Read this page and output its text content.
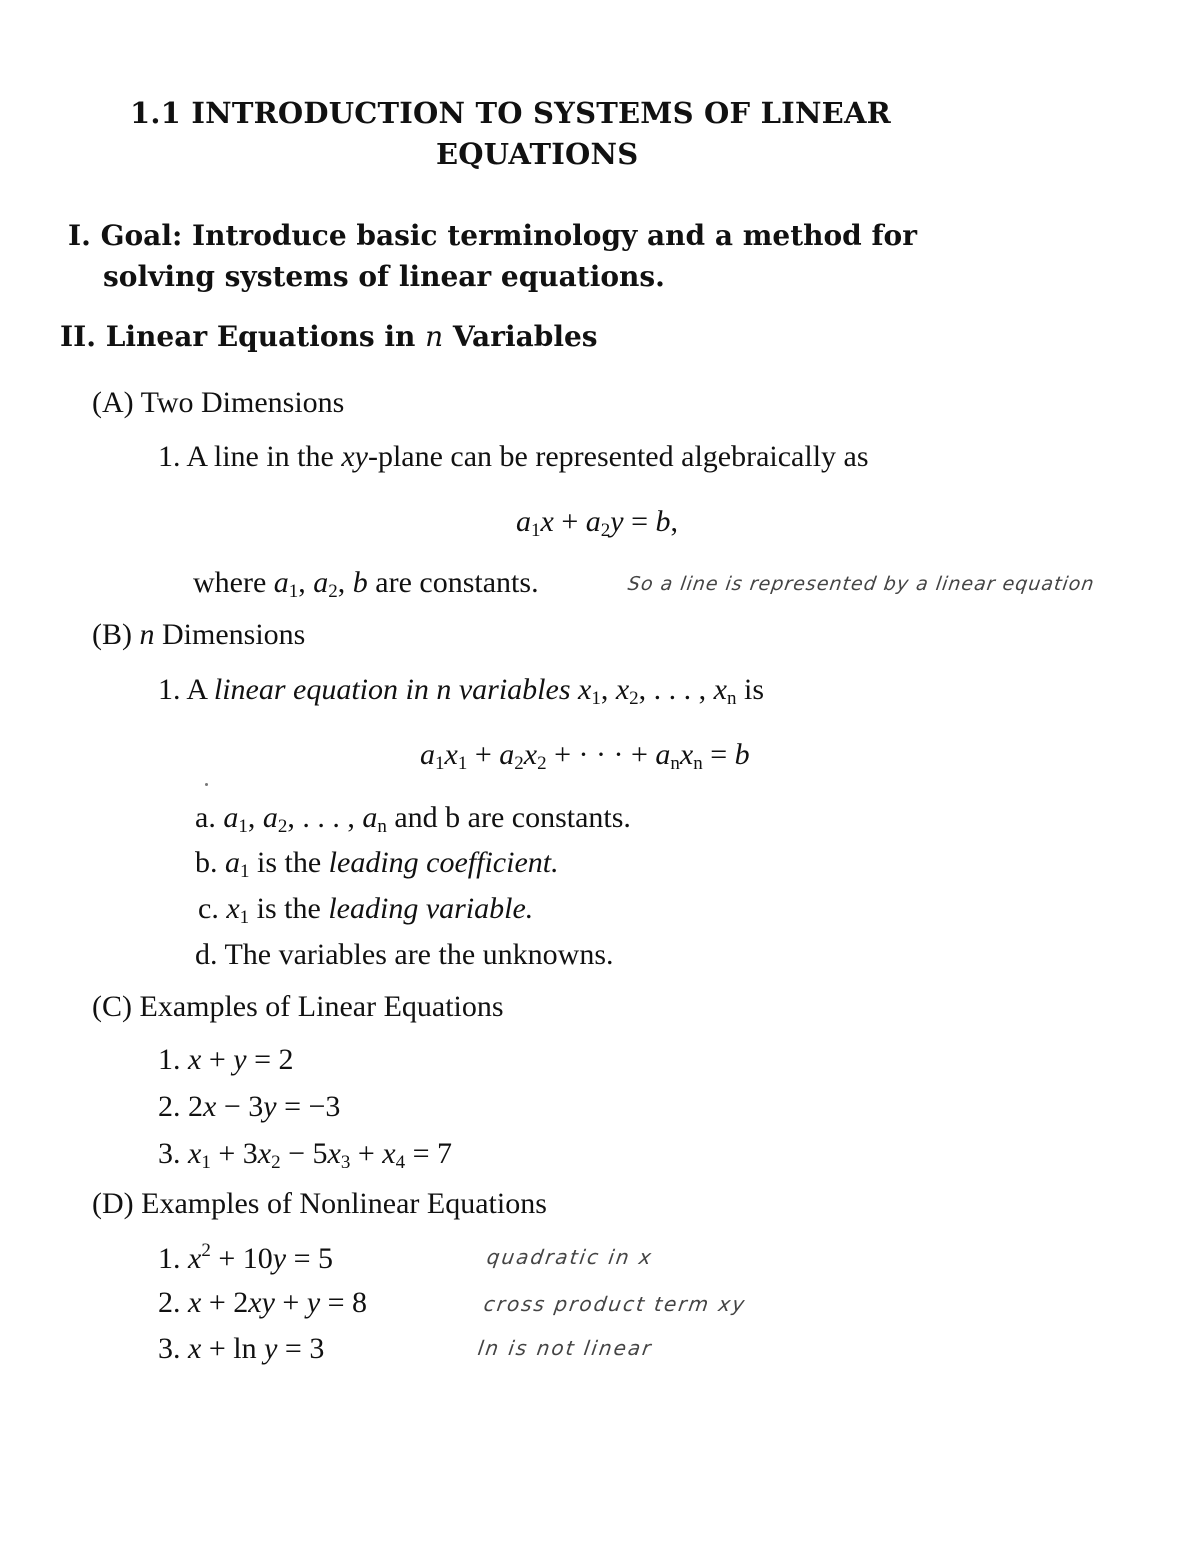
1.1 INTRODUCTION TO SYSTEMS OF LINEAR
EQUATIONS
I. Goal: Introduce basic terminology and a method for
solving systems of linear equations.
II. Linear Equations in n Variables
(A) Two Dimensions
1. A line in the xy-plane can be represented algebraically as
$a_1x + a_2y = b$,
where $a_1$, $a_2$, b are constants.	So a line is represented by a linear equation
(B) n Dimensions
1. A linear equation in n variables $x_1$, $x_2$, . . . , $x_n$ is
$a_1x_1 + a_2x_2$ + · · · + $a_nx_n = b$
a. $a_1$, $a_2$, . . . , $a_n$ and b are constants.
b. $a_1$ is the leading coefficient.
c. $x_1$ is the leading variable.
d. The variables are the unknowns.
(C) Examples of Linear Equations
1. x + y = 2
2. 2x − 3y = −3
3. $x_1 + 3x_2 - 5x_3 + x_4 = 7$
(D) Examples of Nonlinear Equations
1. $x^2 + 10y = 5$	quadratic in x
2. x + 2xy + y = 8	cross product term xy
3. x + ln y = 3	ln is not linear
